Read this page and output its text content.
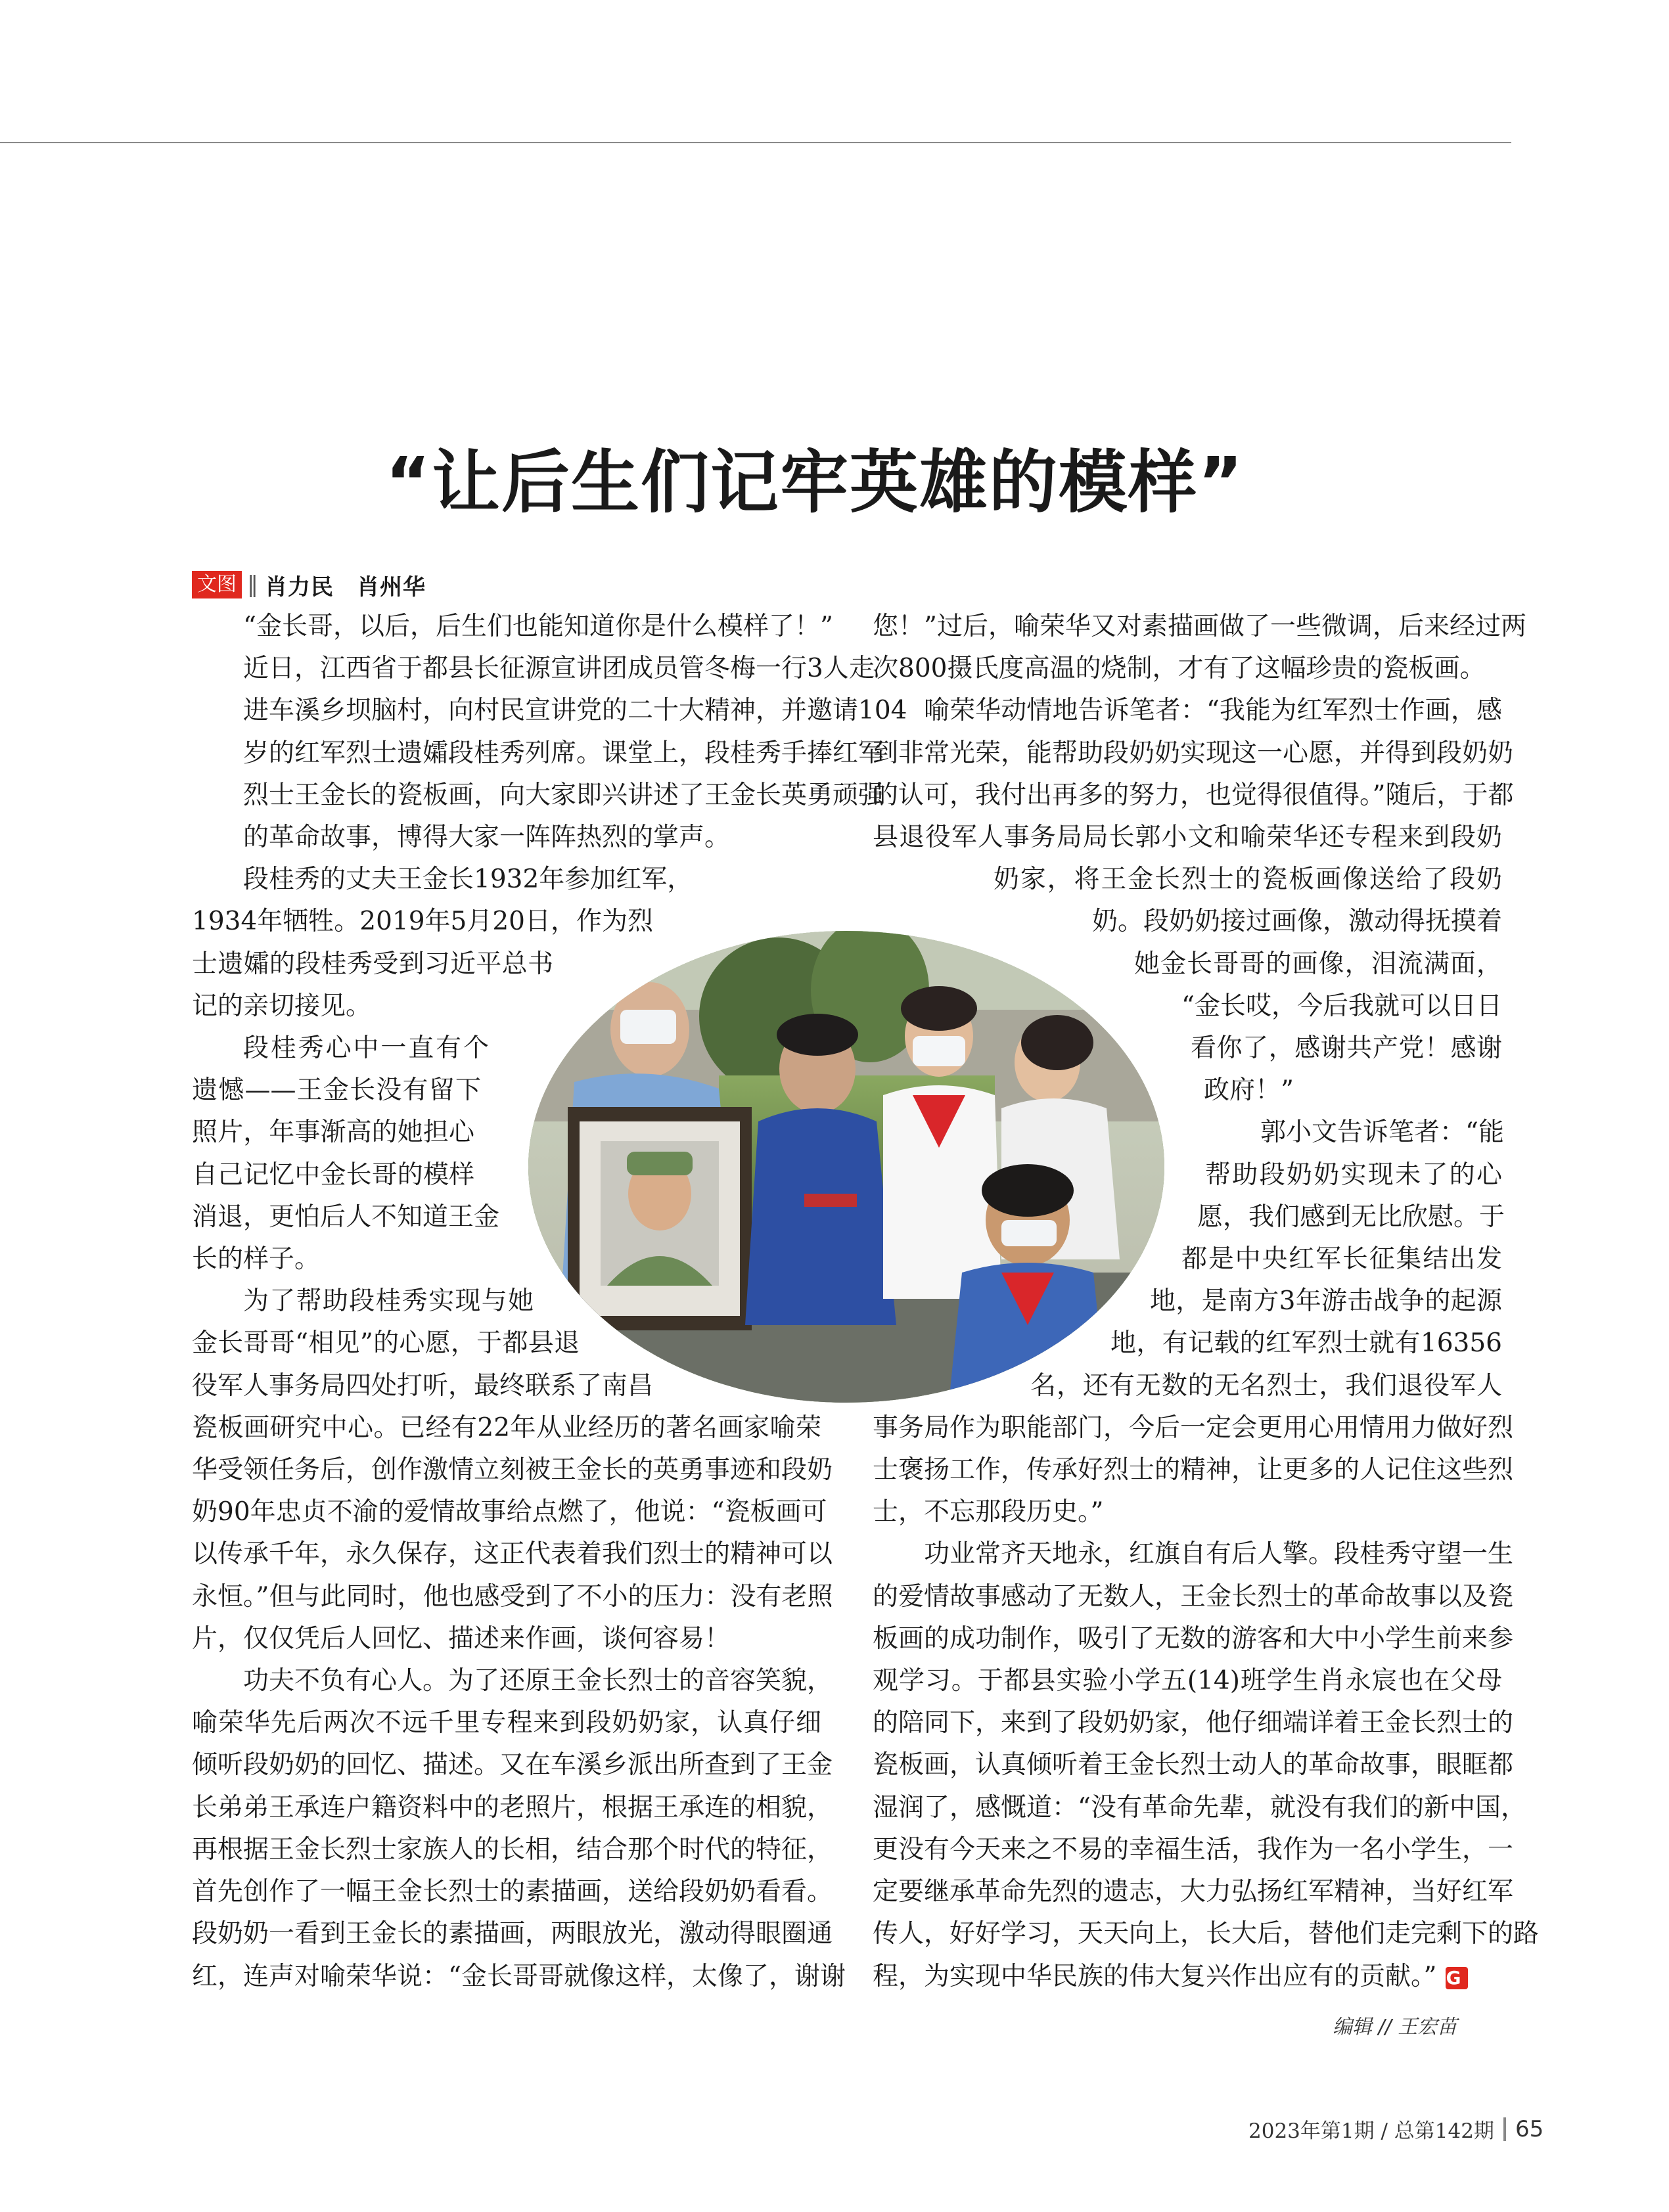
“让后生们记牢英雄的模样”
文图 ‖ 肖力民　肖州华

“金长哥，以后，后生们也能知道你是什么模样了！”
近日，江西省于都县长征源宣讲团成员管冬梅一行3人走
进车溪乡坝脑村，向村民宣讲党的二十大精神，并邀请104
岁的红军烈士遗孀段桂秀列席。课堂上，段桂秀手捧红军
烈士王金长的瓷板画，向大家即兴讲述了王金长英勇顽强
的革命故事，博得大家一阵阵热烈的掌声。

段桂秀的丈夫王金长1932年参加红军，
1934年牺牲。2019年5月20日，作为烈
士遗孀的段桂秀受到习近平总书
记的亲切接见。
段桂秀心中一直有个
遗憾——王金长没有留下
照片，年事渐高的她担心
自己记忆中金长哥的模样
消退，更怕后人不知道王金
长的样子。
为了帮助段桂秀实现与她
金长哥哥“相见”的心愿，于都县退
役军人事务局四处打听，最终联系了南昌
瓷板画研究中心。已经有22年从业经历的著名画家喻荣
华受领任务后，创作激情立刻被王金长的英勇事迹和段奶
奶90年忠贞不渝的爱情故事给点燃了，他说：“瓷板画可
以传承千年，永久保存，这正代表着我们烈士的精神可以
永恒。”但与此同时，他也感受到了不小的压力：没有老照
片，仅仅凭后人回忆、描述来作画，谈何容易！
功夫不负有心人。为了还原王金长烈士的音容笑貌，
喻荣华先后两次不远千里专程来到段奶奶家，认真仔细
倾听段奶奶的回忆、描述。又在车溪乡派出所查到了王金
长弟弟王承连户籍资料中的老照片，根据王承连的相貌，
再根据王金长烈士家族人的长相，结合那个时代的特征，
首先创作了一幅王金长烈士的素描画，送给段奶奶看看。
段奶奶一看到王金长的素描画，两眼放光，激动得眼圈通
红，连声对喻荣华说：“金长哥哥就像这样，太像了，谢谢
您！”过后，喻荣华又对素描画做了一些微调，后来经过两
次800摄氏度高温的烧制，才有了这幅珍贵的瓷板画。
喻荣华动情地告诉笔者：“我能为红军烈士作画，感
到非常光荣，能帮助段奶奶实现这一心愿，并得到段奶奶
的认可，我付出再多的努力，也觉得很值得。”随后，于都
县退役军人事务局局长郭小文和喻荣华还专程来到段奶
奶家，将王金长烈士的瓷板画像送给了段奶
奶。段奶奶接过画像，激动得抚摸着
她金长哥哥的画像，泪流满面，
“金长哎，今后我就可以日日
看你了，感谢共产党！感谢
政府！”
郭小文告诉笔者：“能
帮助段奶奶实现未了的心
愿，我们感到无比欣慰。于
都是中央红军长征集结出发
地，是南方3年游击战争的起源
地，有记载的红军烈士就有16356
名，还有无数的无名烈士，我们退役军人
事务局作为职能部门，今后一定会更用心用情用力做好烈
士褒扬工作，传承好烈士的精神，让更多的人记住这些烈
士，不忘那段历史。”
功业常齐天地永，红旗自有后人擎。段桂秀守望一生
的爱情故事感动了无数人，王金长烈士的革命故事以及瓷
板画的成功制作，吸引了无数的游客和大中小学生前来参
观学习。于都县实验小学五(14)班学生肖永宸也在父母
的陪同下，来到了段奶奶家，他仔细端详着王金长烈士的
瓷板画，认真倾听着王金长烈士动人的革命故事，眼眶都
湿润了，感慨道：“没有革命先辈，就没有我们的新中国，
更没有今天来之不易的幸福生活，我作为一名小学生，一
定要继承革命先烈的遗志，大力弘扬红军精神，当好红军
传人，好好学习，天天向上，长大后，替他们走完剩下的路
程，为实现中华民族的伟大复兴作出应有的贡献。” G
编辑 // 王宏苗
2023年第1期 / 总第142期 65
